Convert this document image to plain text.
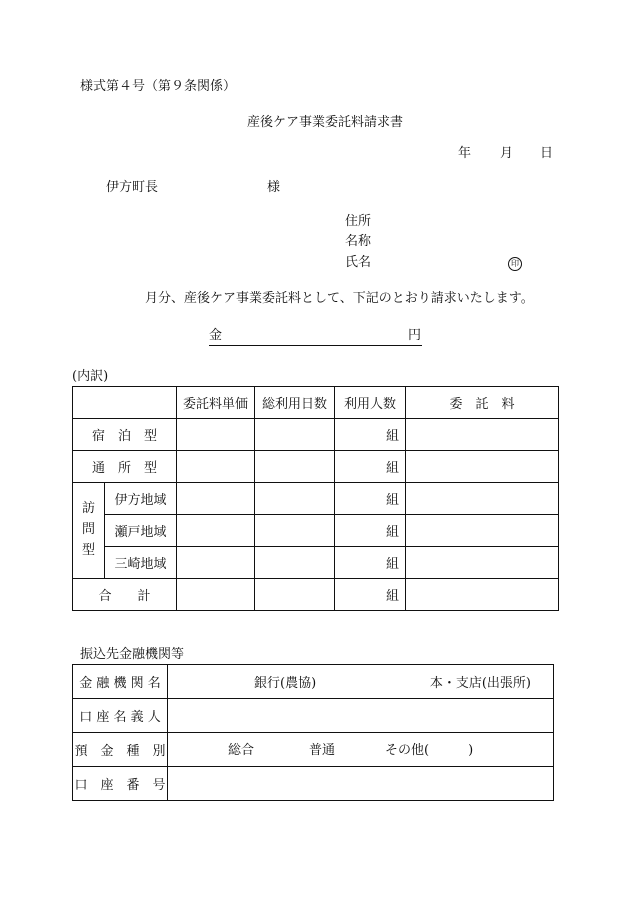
様式第４号（第９条関係）
産後ケア事業委託料請求書
年 月 日
伊方町長	様
住所
名称
氏名	印
月分、産後ケア事業委託料として、下記のとおり請求いたします。
金	円
(内訳)
		委託料単価	総利用日数	利用人数	委　託　料
宿　泊　型				組	
通　所　型				組	

訪
問
型	伊方地域			組	
	瀬戸地域			組	
	三崎地域			組	
合　　計				組	
振込先金融機関等
金 融 機 関 名	銀行(農協) 本・支店(出張所)

口 座 名 義 人	
預　金　種　別	総合 普通 その他(　　　)

口　座　番　号	
